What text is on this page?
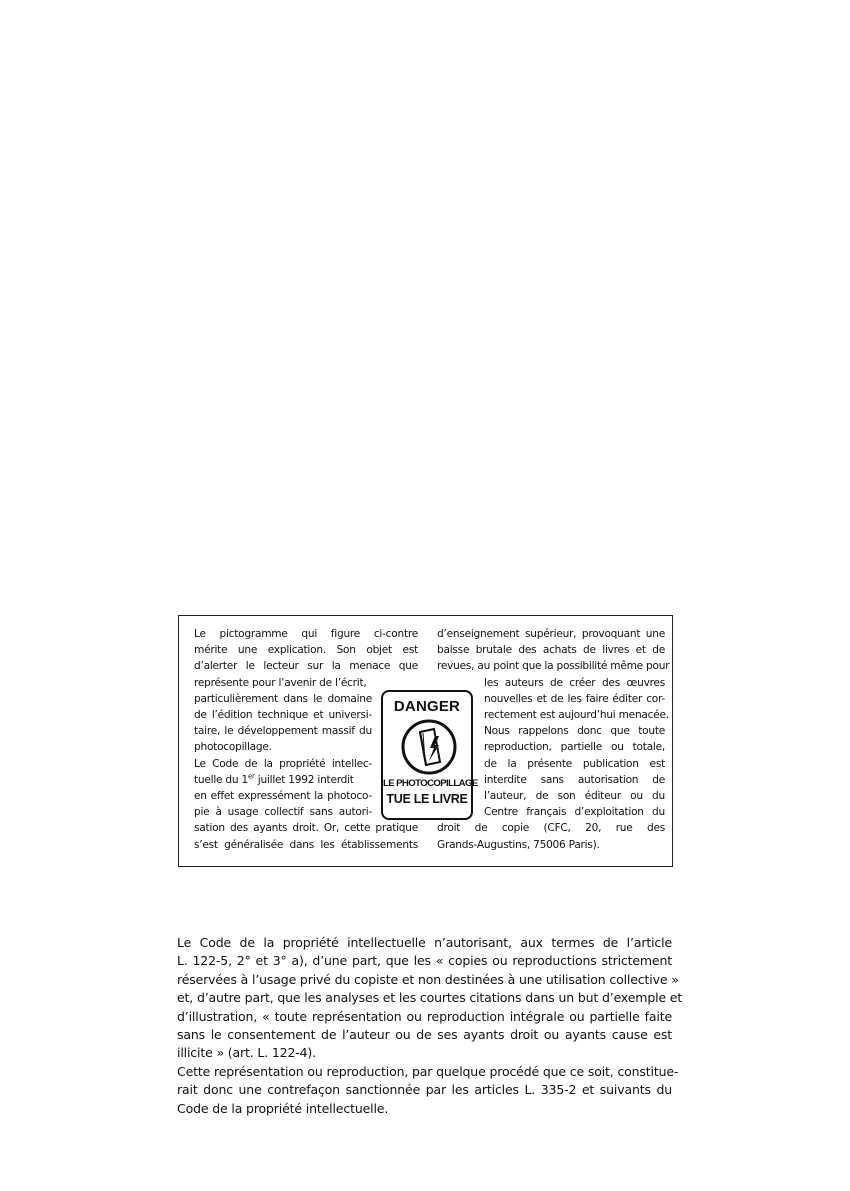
Le pictogramme qui figure ci-contre
mérite une explication. Son objet est
d’alerter le lecteur sur la menace que
représente pour l’avenir de l’écrit,
particulièrement dans le domaine
de l’édition technique et universi-
taire, le développement massif du
photocopillage.
Le Code de la propriété intellec-
tuelle du 1er juillet 1992 interdit
en effet expressément la photoco-
pie à usage collectif sans autori-
sation des ayants droit. Or, cette pratique
s’est généralisée dans les établissements
DANGER
LE PHOTOCOPILLAGE
TUE LE LIVRE
d’enseignement supérieur, provoquant une
baisse brutale des achats de livres et de
revues, au point que la possibilité même pour
les auteurs de créer des œuvres
nouvelles et de les faire éditer cor-
rectement est aujourd’hui menacée.
Nous rappelons donc que toute
reproduction, partielle ou totale,
de la présente publication est
interdite sans autorisation de
l’auteur, de son éditeur ou du
Centre français d’exploitation du
droit de copie (CFC, 20, rue des
Grands-Augustins, 75006 Paris).
Le Code de la propriété intellectuelle n’autorisant, aux termes de l’article
L. 122-5, 2° et 3° a), d’une part, que les « copies ou reproductions strictement
réservées à l’usage privé du copiste et non destinées à une utilisation collective »
et, d’autre part, que les analyses et les courtes citations dans un but d’exemple et
d’illustration, « toute représentation ou reproduction intégrale ou partielle faite
sans le consentement de l’auteur ou de ses ayants droit ou ayants cause est
illicite » (art. L. 122-4).
Cette représentation ou reproduction, par quelque procédé que ce soit, constitue-
rait donc une contrefaçon sanctionnée par les articles L. 335-2 et suivants du
Code de la propriété intellectuelle.
